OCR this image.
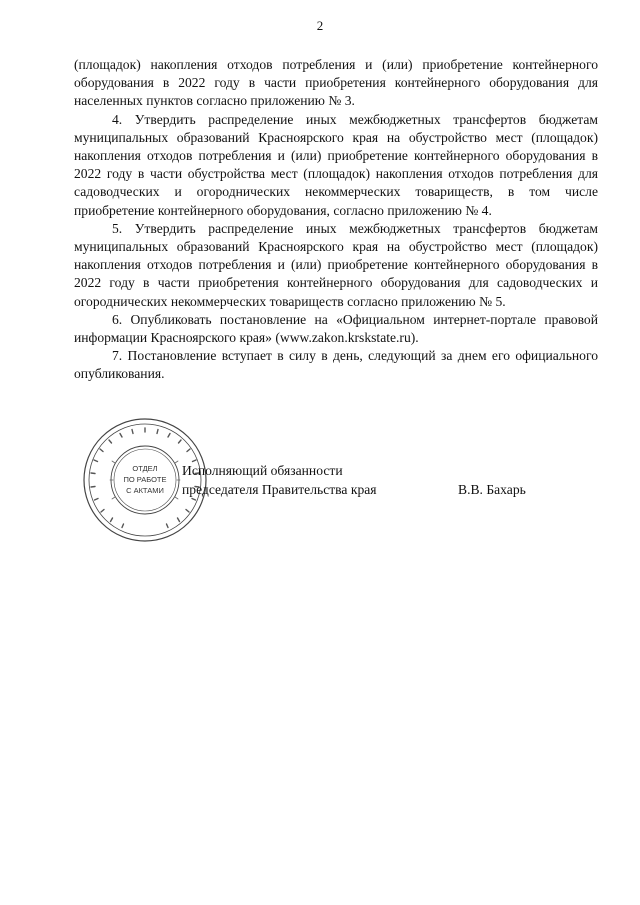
2

(площадок) накопления отходов потребления и (или) приобретение контейнерного оборудования в 2022 году в части приобретения контейнерного оборудования для населенных пунктов согласно приложению № 3.

4. Утвердить распределение иных межбюджетных трансфертов бюджетам муниципальных образований Красноярского края на обустройство мест (площадок) накопления отходов потребления и (или) приобретение контейнерного оборудования в 2022 году в части обустройства мест (площадок) накопления отходов потребления для садоводческих и огороднических некоммерческих товариществ, в том числе приобретение контейнерного оборудования, согласно приложению № 4.

5. Утвердить распределение иных межбюджетных трансфертов бюджетам муниципальных образований Красноярского края на обустройство мест (площадок) накопления отходов потребления и (или) приобретение контейнерного оборудования в 2022 году в части приобретения контейнерного оборудования для садоводческих и огороднических некоммерческих товариществ согласно приложению № 5.

6. Опубликовать постановление на «Официальном интернет-портале правовой информации Красноярского края» (www.zakon.krskstate.ru).

7. Постановление вступает в силу в день, следующий за днем его официального опубликования.

ОТДЕЛ
ПО РАБОТЕ
С АКТАМИ
Исполняющий обязанности
председателя Правительства края	В.В. Бахарь
